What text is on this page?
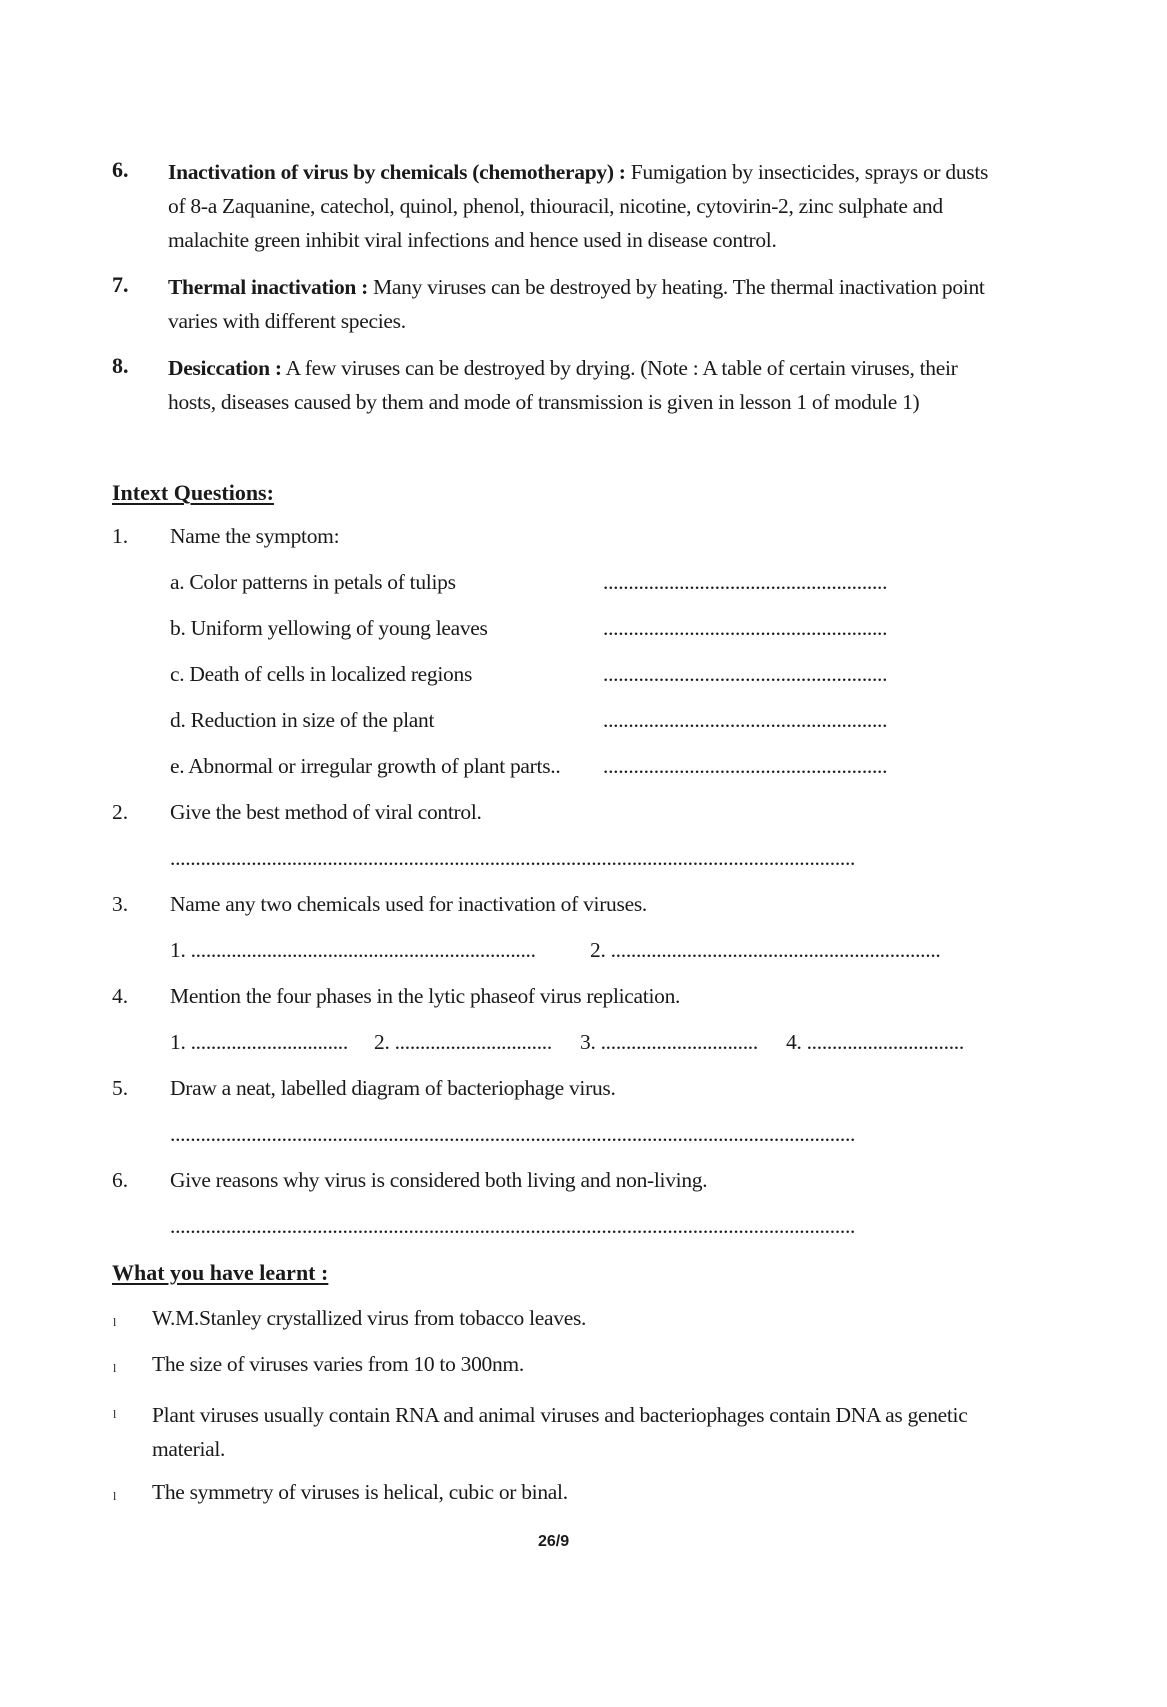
6. Inactivation of virus by chemicals (chemotherapy) : Fumigation by insecticides, sprays or dusts of 8-a Zaquanine, catechol, quinol, phenol, thiouracil, nicotine, cytovirin-2, zinc sulphate and malachite green inhibit viral infections and hence used in disease control.
7. Thermal inactivation : Many viruses can be destroyed by heating. The thermal inactivation point varies with different species.
8. Desiccation : A few viruses can be destroyed by drying. (Note : A table of certain viruses, their hosts, diseases caused by them and mode of transmission is given in lesson 1 of module 1)
Intext Questions:
1. Name the symptom:
a. Color patterns in petals of tulips	........................................................
b. Uniform yellowing of young leaves	........................................................
c. Death of cells in localized regions	........................................................
d. Reduction in size of the plant	........................................................
e. Abnormal or irregular growth of plant parts.. ........................................................
2. Give the best method of viral control.
.......................................................................................................................................
3. Name any two chemicals used for inactivation of viruses.
1. ....................................................................	2. .................................................................
4. Mention the four phases in the lytic phaseof virus replication.
1. ............................... 2. ............................... 3. ............................... 4. ...............................
5. Draw a neat, labelled diagram of bacteriophage virus.
.......................................................................................................................................
6. Give reasons why virus is considered both living and non-living.
.......................................................................................................................................
What you have learnt :
l W.M.Stanley crystallized virus from tobacco leaves.
l The size of viruses varies from 10 to 300nm.
l Plant viruses usually contain RNA and animal viruses and bacteriophages contain DNA as genetic material.
l The symmetry of viruses is helical, cubic or binal.
26/9
